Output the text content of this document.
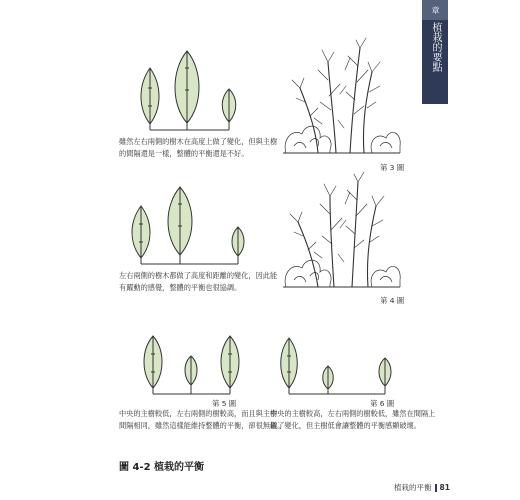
第二章
植栽的要點
雖然左右兩側的樹木在高度上做了變化，但與主樹
的間隔還是一樣，整體的平衡還是不好。
左右兩側的樹木都做了高度和距離的變化，因此能
有躍動的感覺，整體的平衡也很協調。
中央的主樹較低，左右兩側的樹較高，而且與主樹
間隔相同，雖然這樣能維持整體的平衡，卻很無趣。
中央的主樹較高，左右兩側的樹較低，雖然在間隔上
做了變化，但主樹低會讓整體的平衡感顯破壞。
第 3 圖
第 4 圖
第 5 圖	第 6 圖
圖 4-2 植栽的平衡
植栽的平衡 81
